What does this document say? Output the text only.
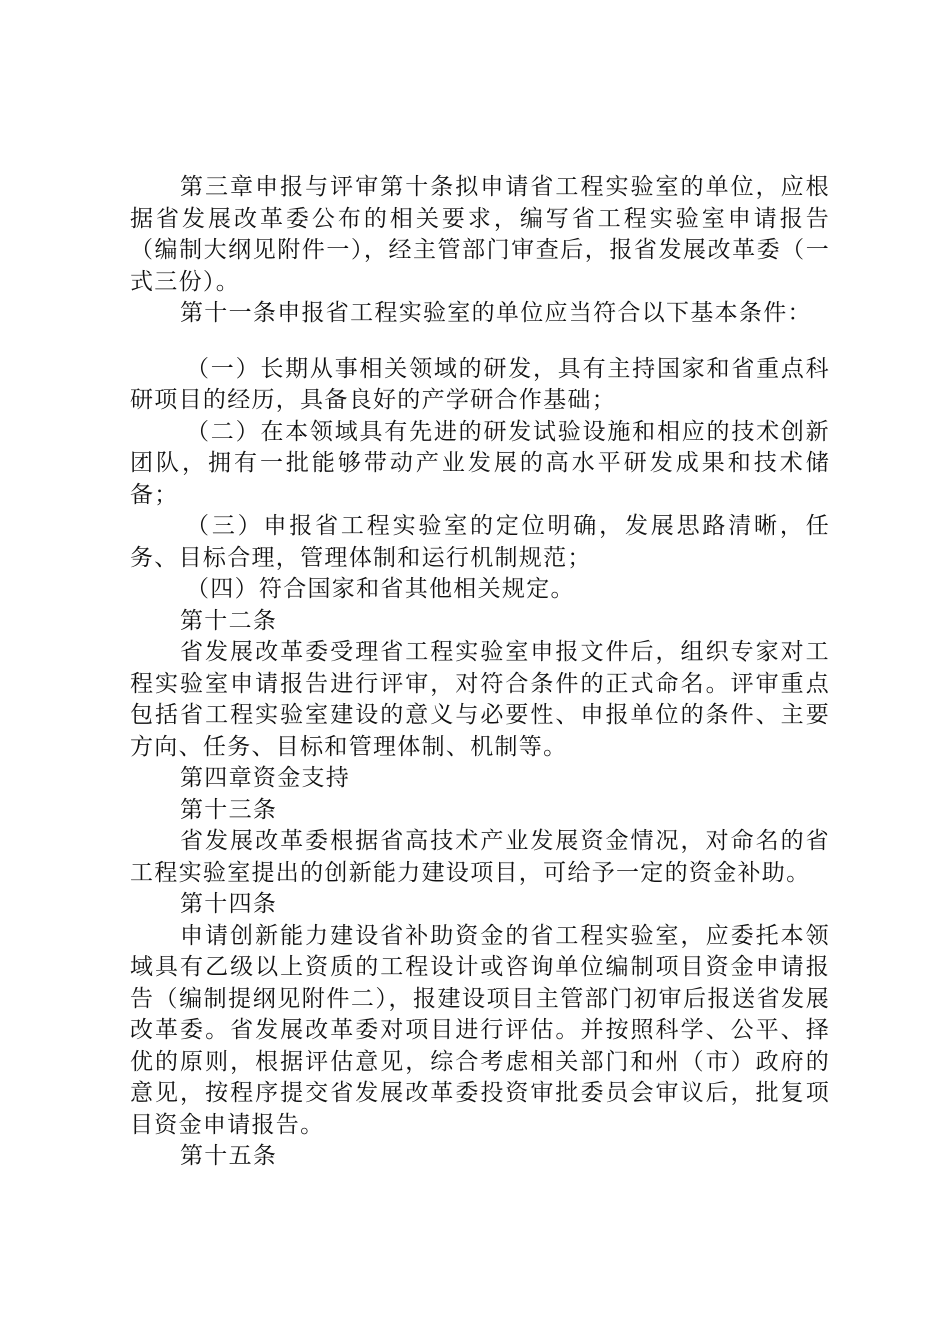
第三章申报与评审第十条拟申请省工程实验室的单位，应根据省发展改革委公布的相关要求，编写省工程实验室申请报告（编制大纲见附件一），经主管部门审查后，报省发展改革委（一式三份）。

第十一条申报省工程实验室的单位应当符合以下基本条件：

（一）长期从事相关领域的研发，具有主持国家和省重点科研项目的经历，具备良好的产学研合作基础；

（二）在本领域具有先进的研发试验设施和相应的技术创新团队，拥有一批能够带动产业发展的高水平研发成果和技术储备；

（三）申报省工程实验室的定位明确，发展思路清晰，任务、目标合理，管理体制和运行机制规范；

（四）符合国家和省其他相关规定。

第十二条

省发展改革委受理省工程实验室申报文件后，组织专家对工程实验室申请报告进行评审，对符合条件的正式命名。评审重点包括省工程实验室建设的意义与必要性、申报单位的条件、主要方向、任务、目标和管理体制、机制等。

第四章资金支持

第十三条

省发展改革委根据省高技术产业发展资金情况，对命名的省工程实验室提出的创新能力建设项目，可给予一定的资金补助。

第十四条

申请创新能力建设省补助资金的省工程实验室，应委托本领域具有乙级以上资质的工程设计或咨询单位编制项目资金申请报告（编制提纲见附件二），报建设项目主管部门初审后报送省发展改革委。省发展改革委对项目进行评估。并按照科学、公平、择优的原则，根据评估意见，综合考虑相关部门和州（市）政府的意见，按程序提交省发展改革委投资审批委员会审议后，批复项目资金申请报告。

第十五条
